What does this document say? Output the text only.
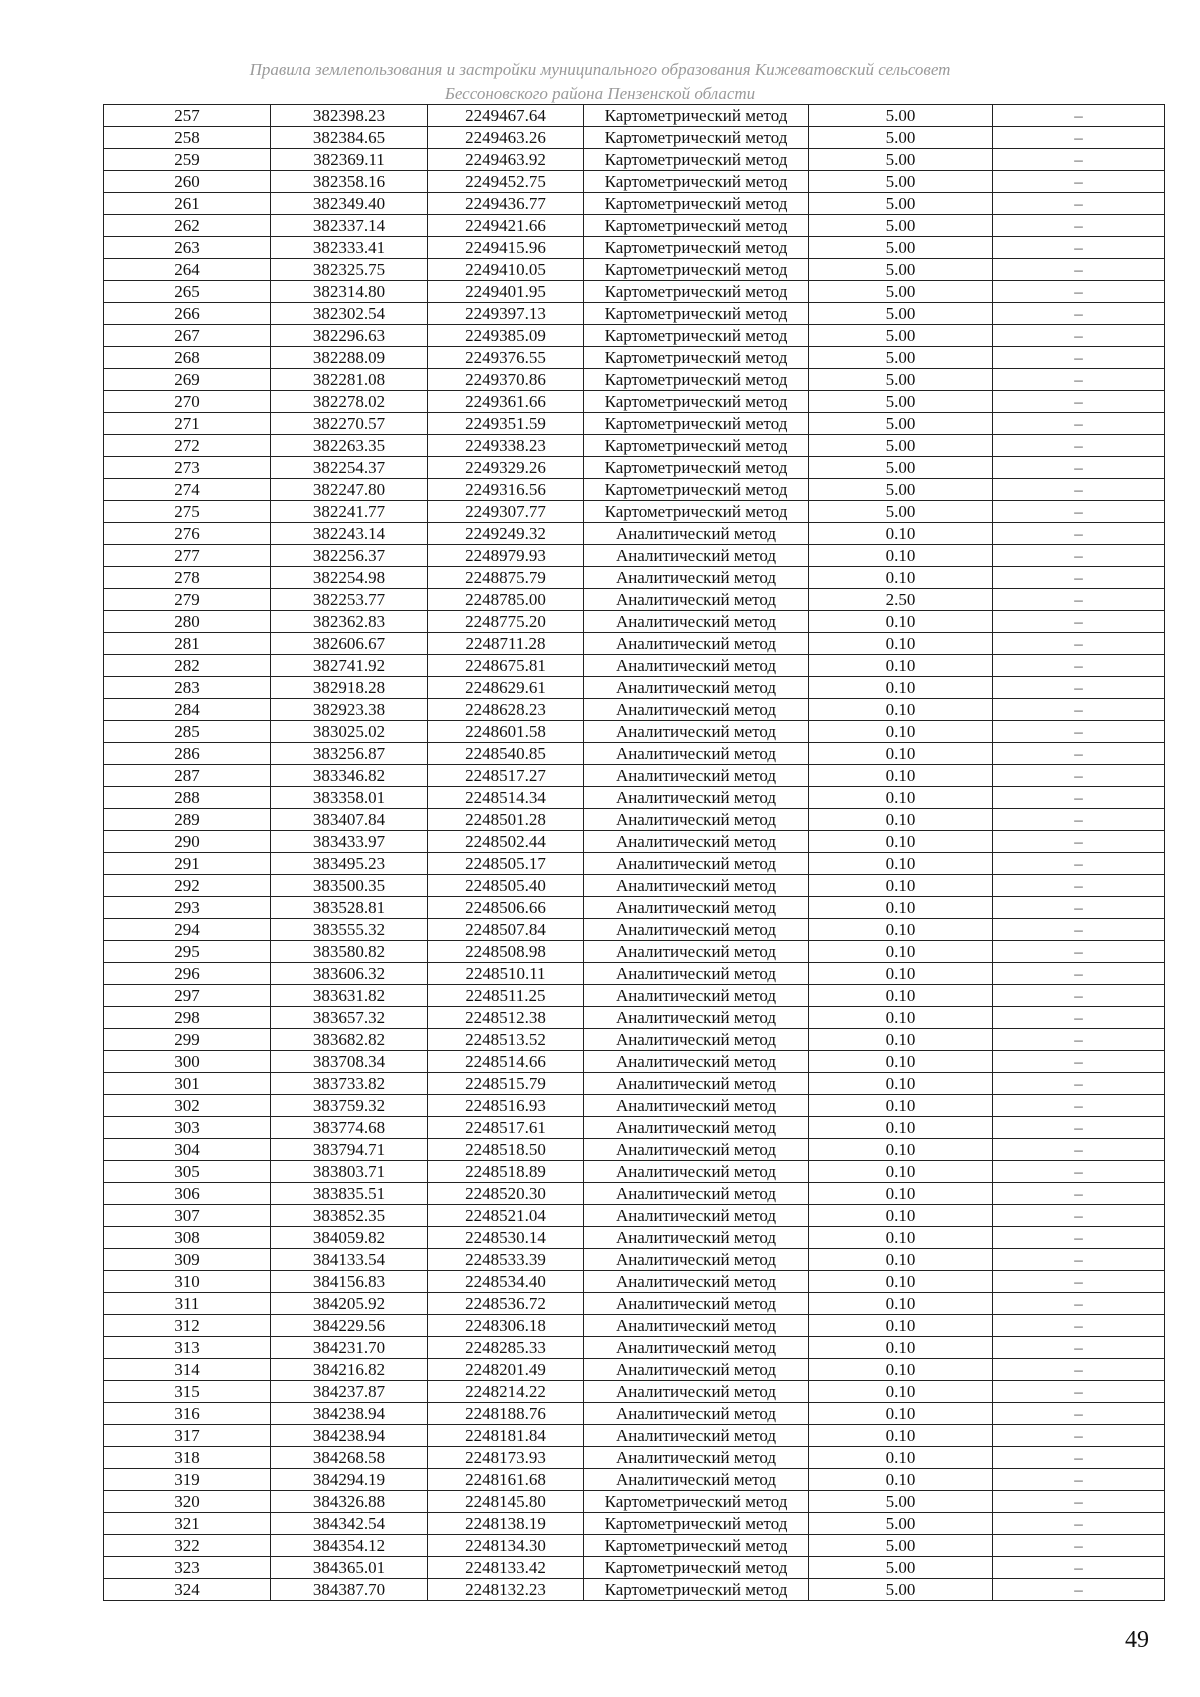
Правила землепользования и застройки муниципального образования Кижеватовский сельсовет
Бессоновского района Пензенской области
257	382398.23	2249467.64	Картометрический метод	5.00	–
258	382384.65	2249463.26	Картометрический метод	5.00	–
259	382369.11	2249463.92	Картометрический метод	5.00	–
260	382358.16	2249452.75	Картометрический метод	5.00	–
261	382349.40	2249436.77	Картометрический метод	5.00	–
262	382337.14	2249421.66	Картометрический метод	5.00	–
263	382333.41	2249415.96	Картометрический метод	5.00	–
264	382325.75	2249410.05	Картометрический метод	5.00	–
265	382314.80	2249401.95	Картометрический метод	5.00	–
266	382302.54	2249397.13	Картометрический метод	5.00	–
267	382296.63	2249385.09	Картометрический метод	5.00	–
268	382288.09	2249376.55	Картометрический метод	5.00	–
269	382281.08	2249370.86	Картометрический метод	5.00	–
270	382278.02	2249361.66	Картометрический метод	5.00	–
271	382270.57	2249351.59	Картометрический метод	5.00	–
272	382263.35	2249338.23	Картометрический метод	5.00	–
273	382254.37	2249329.26	Картометрический метод	5.00	–
274	382247.80	2249316.56	Картометрический метод	5.00	–
275	382241.77	2249307.77	Картометрический метод	5.00	–
276	382243.14	2249249.32	Аналитический метод	0.10	–
277	382256.37	2248979.93	Аналитический метод	0.10	–
278	382254.98	2248875.79	Аналитический метод	0.10	–
279	382253.77	2248785.00	Аналитический метод	2.50	–
280	382362.83	2248775.20	Аналитический метод	0.10	–
281	382606.67	2248711.28	Аналитический метод	0.10	–
282	382741.92	2248675.81	Аналитический метод	0.10	–
283	382918.28	2248629.61	Аналитический метод	0.10	–
284	382923.38	2248628.23	Аналитический метод	0.10	–
285	383025.02	2248601.58	Аналитический метод	0.10	–
286	383256.87	2248540.85	Аналитический метод	0.10	–
287	383346.82	2248517.27	Аналитический метод	0.10	–
288	383358.01	2248514.34	Аналитический метод	0.10	–
289	383407.84	2248501.28	Аналитический метод	0.10	–
290	383433.97	2248502.44	Аналитический метод	0.10	–
291	383495.23	2248505.17	Аналитический метод	0.10	–
292	383500.35	2248505.40	Аналитический метод	0.10	–
293	383528.81	2248506.66	Аналитический метод	0.10	–
294	383555.32	2248507.84	Аналитический метод	0.10	–
295	383580.82	2248508.98	Аналитический метод	0.10	–
296	383606.32	2248510.11	Аналитический метод	0.10	–
297	383631.82	2248511.25	Аналитический метод	0.10	–
298	383657.32	2248512.38	Аналитический метод	0.10	–
299	383682.82	2248513.52	Аналитический метод	0.10	–
300	383708.34	2248514.66	Аналитический метод	0.10	–
301	383733.82	2248515.79	Аналитический метод	0.10	–
302	383759.32	2248516.93	Аналитический метод	0.10	–
303	383774.68	2248517.61	Аналитический метод	0.10	–
304	383794.71	2248518.50	Аналитический метод	0.10	–
305	383803.71	2248518.89	Аналитический метод	0.10	–
306	383835.51	2248520.30	Аналитический метод	0.10	–
307	383852.35	2248521.04	Аналитический метод	0.10	–
308	384059.82	2248530.14	Аналитический метод	0.10	–
309	384133.54	2248533.39	Аналитический метод	0.10	–
310	384156.83	2248534.40	Аналитический метод	0.10	–
311	384205.92	2248536.72	Аналитический метод	0.10	–
312	384229.56	2248306.18	Аналитический метод	0.10	–
313	384231.70	2248285.33	Аналитический метод	0.10	–
314	384216.82	2248201.49	Аналитический метод	0.10	–
315	384237.87	2248214.22	Аналитический метод	0.10	–
316	384238.94	2248188.76	Аналитический метод	0.10	–
317	384238.94	2248181.84	Аналитический метод	0.10	–
318	384268.58	2248173.93	Аналитический метод	0.10	–
319	384294.19	2248161.68	Аналитический метод	0.10	–
320	384326.88	2248145.80	Картометрический метод	5.00	–
321	384342.54	2248138.19	Картометрический метод	5.00	–
322	384354.12	2248134.30	Картометрический метод	5.00	–
323	384365.01	2248133.42	Картометрический метод	5.00	–
324	384387.70	2248132.23	Картометрический метод	5.00	–
49
